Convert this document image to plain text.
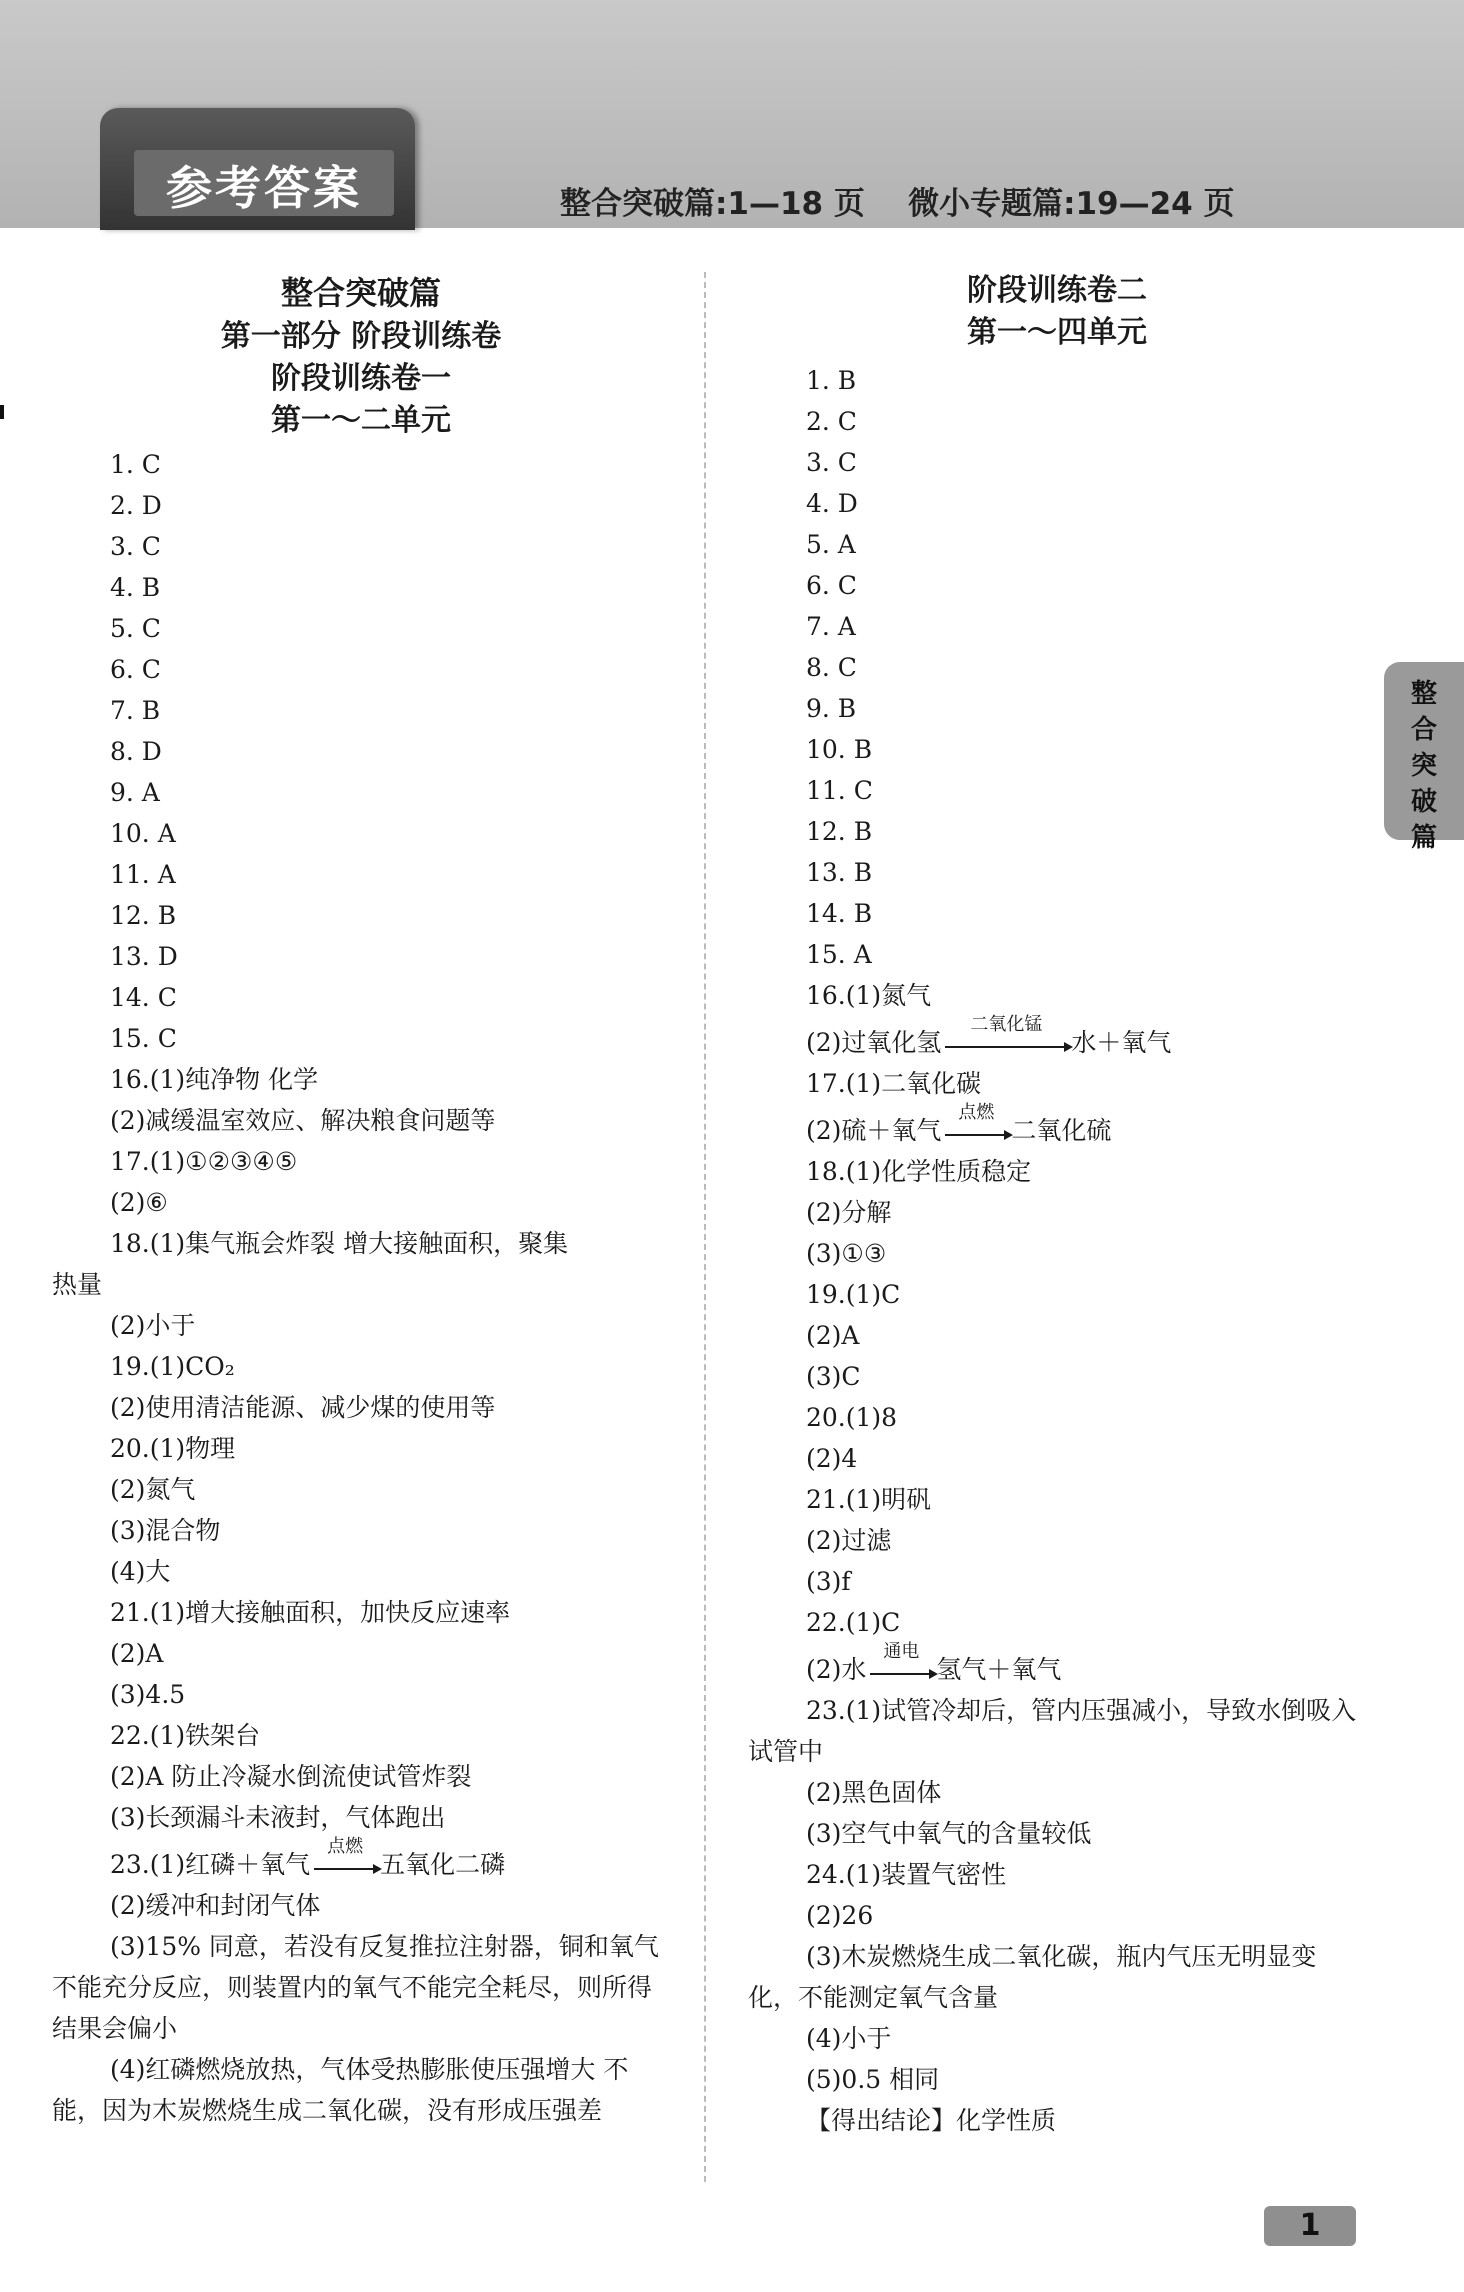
参考答案	整合突破篇:1—18 页    微小专题篇:19—24 页
整合突破篇
第一部分 阶段训练卷
阶段训练卷一
第一～二单元
1. C
2. D
3. C
4. B
5. C
6. C
7. B
8. D
9. A
10. A
11. A
12. B
13. D
14. C
15. C
16.(1)纯净物 化学
(2)减缓温室效应、解决粮食问题等
17.(1)①②③④⑤
(2)⑥
18.(1)集气瓶会炸裂 增大接触面积，聚集
热量
(2)小于
19.(1)CO₂
(2)使用清洁能源、减少煤的使用等
20.(1)物理
(2)氮气
(3)混合物
(4)大
21.(1)增大接触面积，加快反应速率
(2)A
(3)4.5
22.(1)铁架台
(2)A 防止冷凝水倒流使试管炸裂
(3)长颈漏斗未液封，气体跑出
23.(1)红磷＋氧气
点燃
五氧化二磷
(2)缓冲和封闭气体
(3)15% 同意，若没有反复推拉注射器，铜和氧气不能充分反应，则装置内的氧气不能完全耗尽，则所得结果会偏小
(4)红磷燃烧放热，气体受热膨胀使压强增大 不能，因为木炭燃烧生成二氧化碳，没有形成压强差
阶段训练卷二
第一～四单元
1. B
2. C
3. C
4. D
5. A
6. C
7. A
8. C
9. B
10. B
11. C
12. B
13. B
14. B
15. A
16.(1)氮气
(2)过氧化氢
二氧化锰
水＋氧气
17.(1)二氧化碳
(2)硫＋氧气
点燃
二氧化硫
18.(1)化学性质稳定
(2)分解
(3)①③
19.(1)C
(2)A
(3)C
20.(1)8
(2)4
21.(1)明矾
(2)过滤
(3)f
22.(1)C
(2)水
通电
氢气＋氧气
23.(1)试管冷却后，管内压强减小，导致水倒吸入试管中
(2)黑色固体
(3)空气中氧气的含量较低
24.(1)装置气密性
(2)26
(3)木炭燃烧生成二氧化碳，瓶内气压无明显变化，不能测定氧气含量
(4)小于
(5)0.5 相同
【得出结论】化学性质
整合突破篇
1
